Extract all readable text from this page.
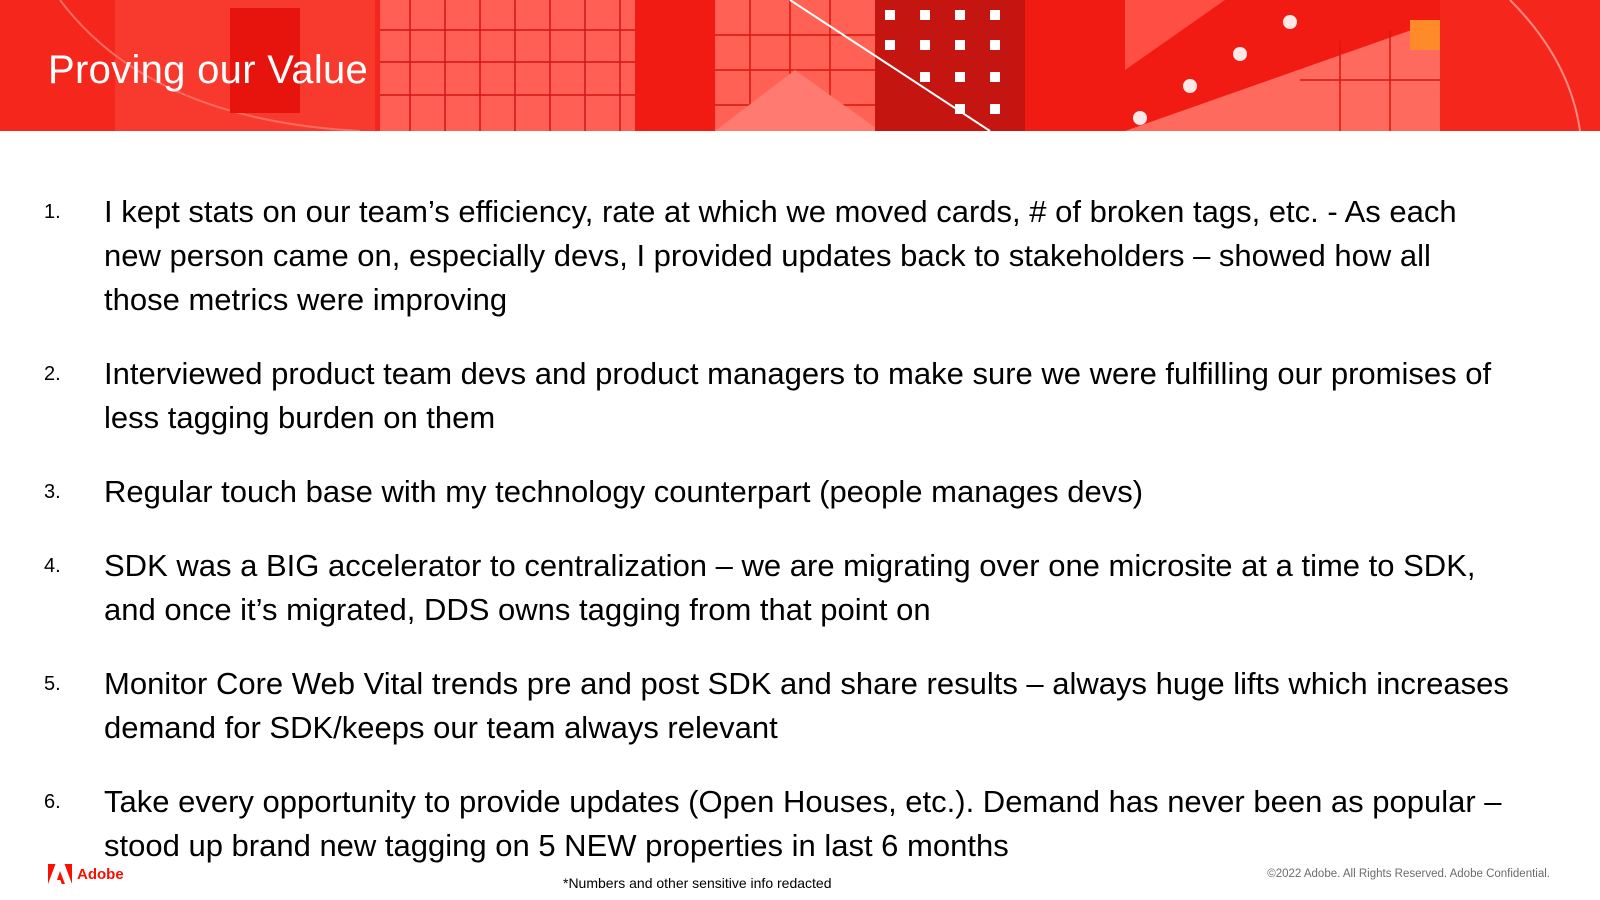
Proving our Value
1.	I kept stats on our team’s efficiency, rate at which we moved cards, # of broken tags, etc. - As each new person came on, especially devs, I provided updates back to stakeholders – showed how all those metrics were improving
2.	Interviewed product team devs and product managers to make sure we were fulfilling our promises of less tagging burden on them
3.	Regular touch base with my technology counterpart (people manages devs)
4.	SDK was a BIG accelerator to centralization – we are migrating over one microsite at a time to SDK, and once it’s migrated, DDS owns tagging from that point on
5.	Monitor Core Web Vital trends pre and post SDK and share results – always huge lifts which increases demand for SDK/keeps our team always relevant
6.	Take every opportunity to provide updates (Open Houses, etc.). Demand has never been as popular – stood up brand new tagging on 5 NEW properties in last 6 months
Adobe
*Numbers and other sensitive info redacted
©2022 Adobe. All Rights Reserved. Adobe Confidential.
